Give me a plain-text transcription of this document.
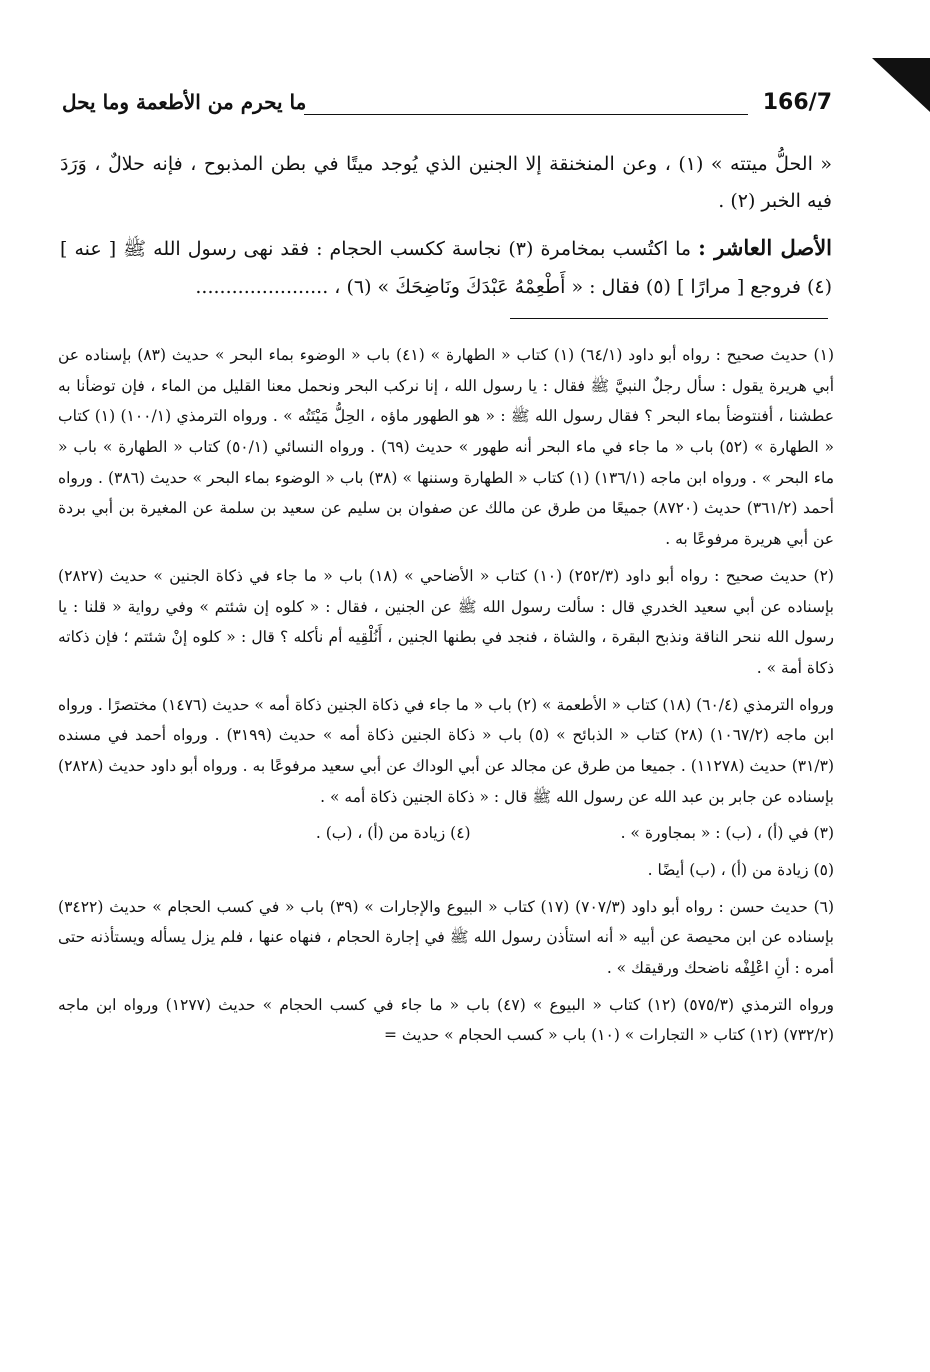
ما يحرم من الأطعمة وما يحل	166/7

« الحلُّ ميتته » (١) ، وعن المنخنقة إلا الجنين الذي يُوجد ميتًا في بطن المذبوح ، فإنه حلالٌ ، وَرَدَ فيه الخبر (٢) .

الأصل العاشر : ما اكتُسب بمخامرة (٣) نجاسة ككسب الحجام : فقد نهى رسول الله ﷺ [ عنه ] (٤) فروجع [ مرارًا ] (٥) فقال : « أَطْعِمْهُ عَبْدَكَ ونَاضِحَكَ » (٦) ، ......................

(١) حديث صحيح : رواه أبو داود (٦٤/١) (١) كتاب « الطهارة » (٤١) باب « الوضوء بماء البحر » حديث (٨٣) بإسناده عن أبي هريرة يقول : سأل رجلٌ النبيَّ ﷺ فقال : يا رسول الله ، إنا نركب البحر ونحمل معنا القليل من الماء ، فإن توضأنا به عطشنا ، أفنتوضأ بماء البحر ؟ فقال رسول الله ﷺ : « هو الطهور ماؤه ، الحِلُّ مَيْتَتُه » . ورواه الترمذي (١٠٠/١) (١) كتاب « الطهارة » (٥٢) باب « ما جاء في ماء البحر أنه طهور » حديث (٦٩) . ورواه النسائي (٥٠/١) كتاب « الطهارة » باب « ماء البحر » . ورواه ابن ماجه (١٣٦/١) (١) كتاب « الطهارة وسننها » (٣٨) باب « الوضوء بماء البحر » حديث (٣٨٦) . ورواه أحمد (٣٦١/٢) حديث (٨٧٢٠) جميعًا من طرق عن مالك عن صفوان بن سليم عن سعيد بن سلمة عن المغيرة بن أبي بردة عن أبي هريرة مرفوعًا به .

(٢) حديث صحيح : رواه أبو داود (٢٥٢/٣) (١٠) كتاب « الأضاحي » (١٨) باب « ما جاء في ذكاة الجنين » حديث (٢٨٢٧) بإسناده عن أبي سعيد الخدري قال : سألت رسول الله ﷺ عن الجنين ، فقال : « كلوه إن شئتم » وفي رواية « قلنا : يا رسول الله ننحر الناقة ونذبح البقرة ، والشاة ، فنجد في بطنها الجنين ، أَنُلْقِيه أم نأكله ؟ قال : « كلوه إنْ شئتم ؛ فإن ذكاته ذكاة أمة » .

ورواه الترمذي (٦٠/٤) (١٨) كتاب « الأطعمة » (٢) باب « ما جاء في ذكاة الجنين ذكاة أمه » حديث (١٤٧٦) مختصرًا . ورواه ابن ماجه (١٠٦٧/٢) (٢٨) كتاب « الذبائح » (٥) باب « ذكاة الجنين ذكاة أمه » حديث (٣١٩٩) . ورواه أحمد في مسنده (٣١/٣) حديث (١١٢٧٨) . جميعا من طرق عن مجالد عن أبي الوداك عن أبي سعيد مرفوعًا به . ورواه أبو داود حديث (٢٨٢٨) بإسناده عن جابر بن عبد الله عن رسول الله ﷺ قال : « ذكاة الجنين ذكاة أمه » .

(٣) في (أ) ، (ب) : « بمجاورة » .
(٤) زيادة من (أ) ، (ب) .

(٥) زيادة من (أ) ، (ب) أيضًا .

(٦) حديث حسن : رواه أبو داود (٧٠٧/٣) (١٧) كتاب « البيوع والإجارات » (٣٩) باب « في كسب الحجام » حديث (٣٤٢٢) بإسناده عن ابن محيصة عن أبيه « أنه استأذن رسول الله ﷺ في إجارة الحجام ، فنهاه عنها ، فلم يزل يسأله ويستأذنه حتى أمره : أنِ اعْلِفْه ناضحك ورقيقك » .

ورواه الترمذي (٥٧٥/٣) (١٢) كتاب « البيوع » (٤٧) باب « ما جاء في كسب الحجام » حديث (١٢٧٧) ورواه ابن ماجه (٧٣٢/٢) (١٢) كتاب « التجارات » (١٠) باب « كسب الحجام » حديث =
